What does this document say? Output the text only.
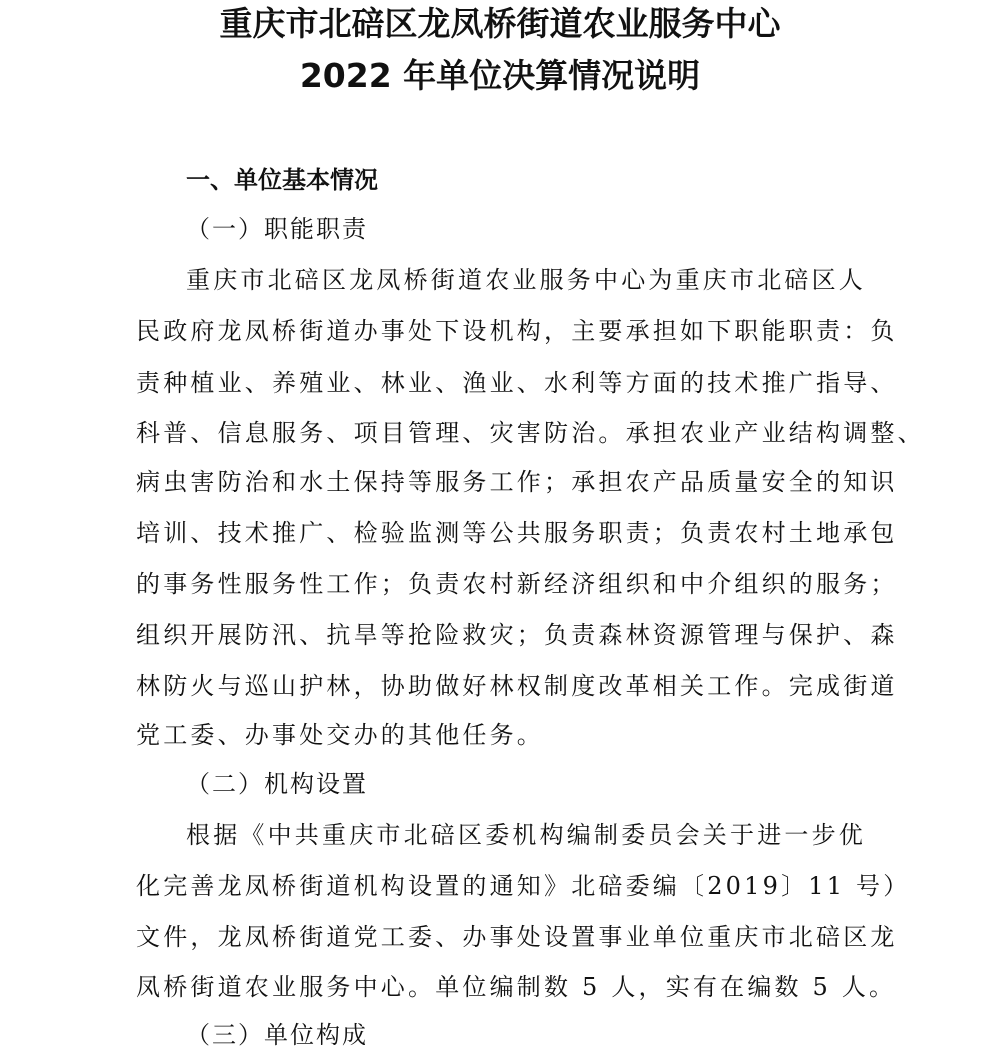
重庆市北碚区龙凤桥街道农业服务中心
2022 年单位决算情况说明
一、单位基本情况
（一）职能职责
重庆市北碚区龙凤桥街道农业服务中心为重庆市北碚区人
民政府龙凤桥街道办事处下设机构，主要承担如下职能职责：负
责种植业、养殖业、林业、渔业、水利等方面的技术推广指导、
科普、信息服务、项目管理、灾害防治。承担农业产业结构调整、
病虫害防治和水土保持等服务工作；承担农产品质量安全的知识
培训、技术推广、检验监测等公共服务职责；负责农村土地承包
的事务性服务性工作；负责农村新经济组织和中介组织的服务；
组织开展防汛、抗旱等抢险救灾；负责森林资源管理与保护、森
林防火与巡山护林，协助做好林权制度改革相关工作。完成街道
党工委、办事处交办的其他任务。
（二）机构设置
根据《中共重庆市北碚区委机构编制委员会关于进一步优
化完善龙凤桥街道机构设置的通知》北碚委编〔2019〕11 号）
文件，龙凤桥街道党工委、办事处设置事业单位重庆市北碚区龙
凤桥街道农业服务中心。单位编制数 5 人，实有在编数 5 人。
（三）单位构成
